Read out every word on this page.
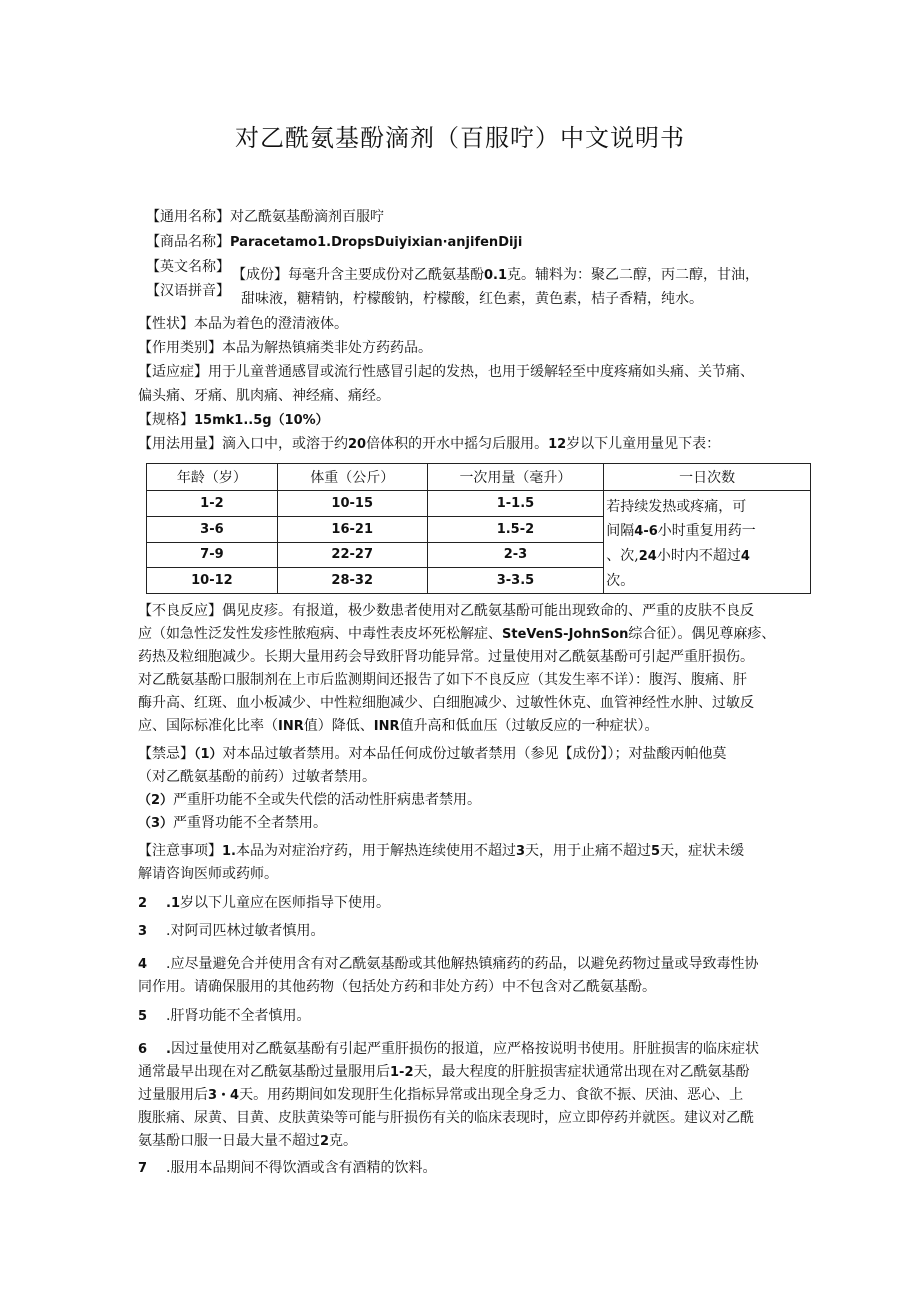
对乙酰氨基酚滴剂（百服咛）中文说明书
【通用名称】对乙酰氨基酚滴剂百服咛
【商品名称】Paracetamo1.DropsDuiyixian·anjifenDiji
【英文名称】
【汉语拼音】
【成份】每毫升含主要成份对乙酰氨基酚0.1克。辅料为：聚乙二醇，丙二醇，甘油，
甜味液，糖精钠，柠檬酸钠，柠檬酸，红色素，黄色素，桔子香精，纯水。
【性状】本品为着色的澄清液体。
【作用类别】本品为解热镇痛类非处方药药品。
【适应症】用于儿童普通感冒或流行性感冒引起的发热，也用于缓解轻至中度疼痛如头痛、关节痛、
偏头痛、牙痛、肌肉痛、神经痛、痛经。
【规格】15mk1..5g（10%）
【用法用量】滴入口中，或溶于约20倍体积的开水中摇匀后服用。12岁以下儿童用量见下表：
年龄（岁）	体重（公斤）	一次用量（毫升）	一日次数
1-2	10-15	1-1.5	若持续发热或疼痛，可
间隔4-6小时重复用药一
、次,24小时内不超过4
次。

3-6	16-21	1.5-2	
7-9	22-27	2-3	
10-12	28-32	3-3.5	
【不良反应】偶见皮疹。有报道，极少数患者使用对乙酰氨基酚可能出现致命的、严重的皮肤不良反
应（如急性泛发性发疹性脓疱病、中毒性表皮坏死松解症、SteVenS-JohnSon综合征）。偶见尊麻疹、
药热及粒细胞减少。长期大量用药会导致肝肾功能异常。过量使用对乙酰氨基酚可引起严重肝损伤。
对乙酰氨基酚口服制剂在上市后监测期间还报告了如下不良反应（其发生率不详）：腹泻、腹痛、肝
酶升高、红斑、血小板减少、中性粒细胞减少、白细胞减少、过敏性休克、血管神经性水肿、过敏反
应、国际标准化比率（INR值）降低、INR值升高和低血压（过敏反应的一种症状）。
【禁忌】（1）对本品过敏者禁用。对本品任何成份过敏者禁用（参见【成份】）；对盐酸丙帕他莫
（对乙酰氨基酚的前药）过敏者禁用。
（2）严重肝功能不全或失代偿的活动性肝病患者禁用。
（3）严重肾功能不全者禁用。
【注意事项】1.本品为对症治疗药，用于解热连续使用不超过3天，用于止痛不超过5天，症状未缓
解请咨询医师或药师。
2 .1岁以下儿童应在医师指导下使用。
3 .对阿司匹林过敏者慎用。
4 .应尽量避免合并使用含有对乙酰氨基酚或其他解热镇痛药的药品，以避免药物过量或导致毒性协
同作用。请确保服用的其他药物（包括处方药和非处方药）中不包含对乙酰氨基酚。
5 .肝肾功能不全者慎用。
6 .因过量使用对乙酰氨基酚有引起严重肝损伤的报道，应严格按说明书使用。肝脏损害的临床症状
通常最早出现在对乙酰氨基酚过量服用后1-2天，最大程度的肝脏损害症状通常出现在对乙酰氨基酚
过量服用后3・4天。用药期间如发现肝生化指标异常或出现全身乏力、食欲不振、厌油、恶心、上
腹胀痛、尿黄、目黄、皮肤黄染等可能与肝损伤有关的临床表现时，应立即停药并就医。建议对乙酰
氨基酚口服一日最大量不超过2克。
7 .服用本品期间不得饮酒或含有酒精的饮料。
